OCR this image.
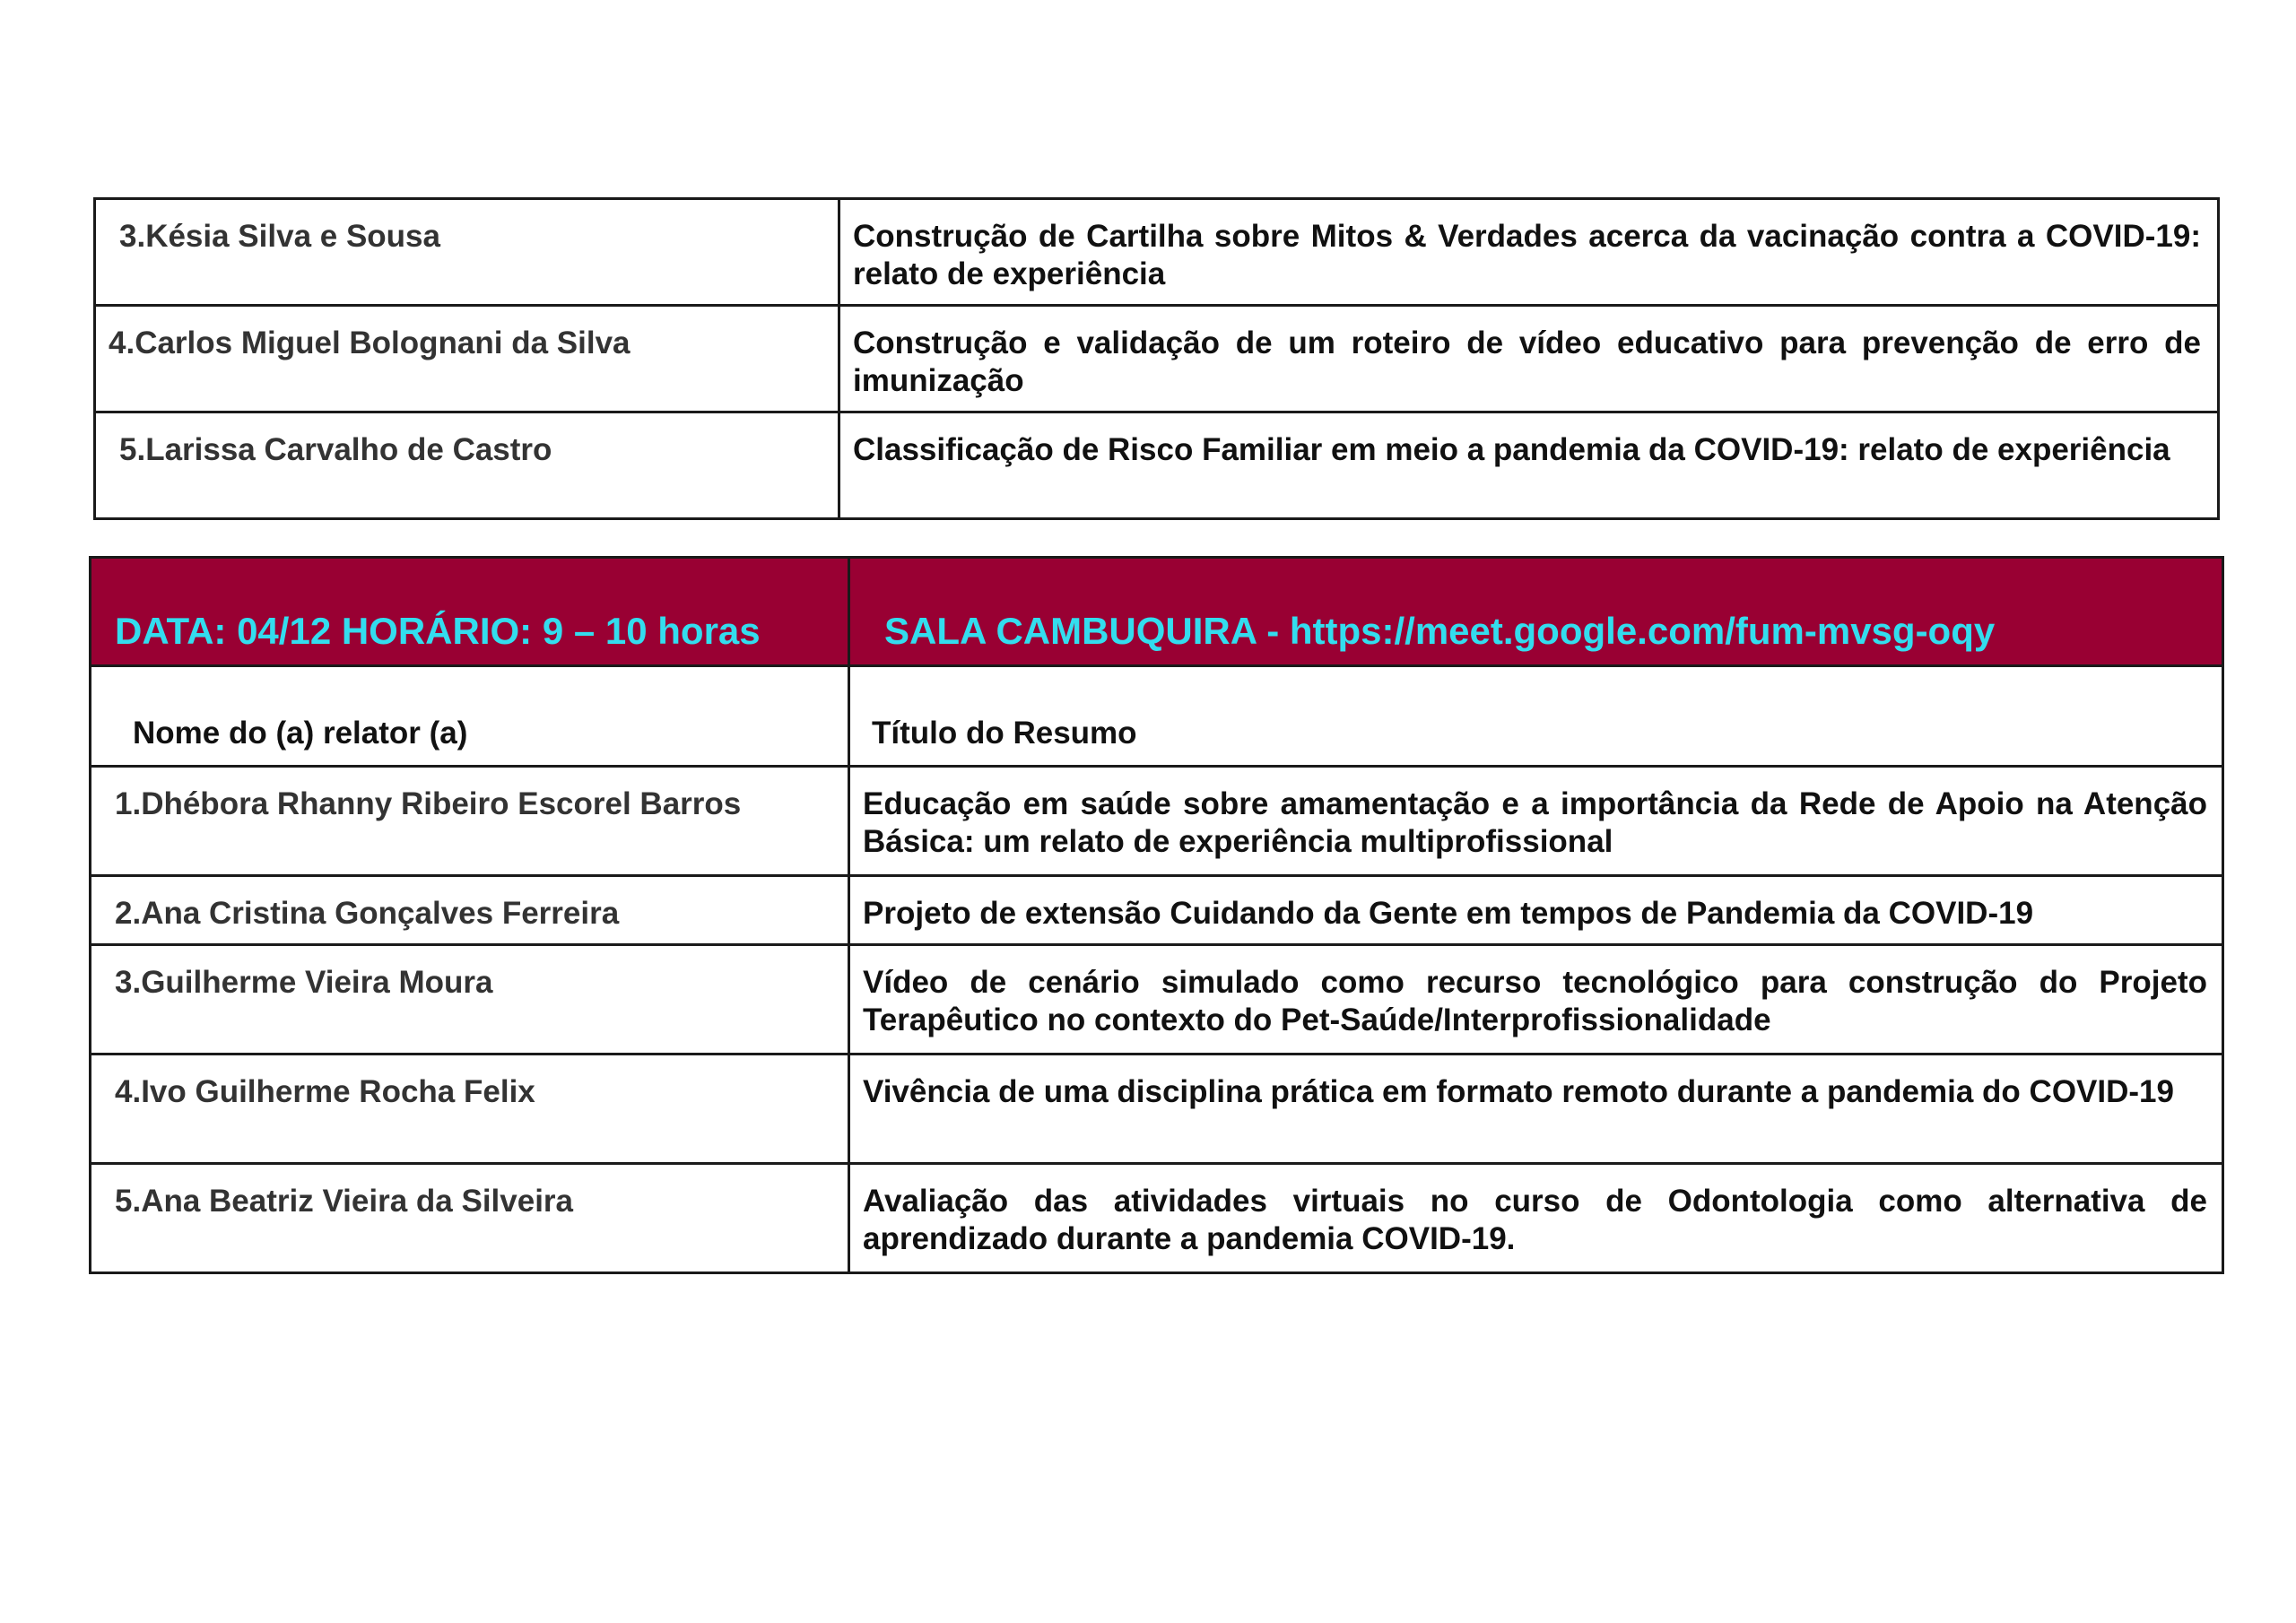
3.Késia Silva e Sousa	Construção de Cartilha sobre Mitos & Verdades acerca da vacinação contra a COVID-19: relato de experiência
4.Carlos Miguel Bolognani da Silva	Construção e validação de um roteiro de vídeo educativo para prevenção de erro de imunização
5.Larissa Carvalho de Castro	Classificação de Risco Familiar em meio a pandemia da COVID-19: relato de experiência
DATA: 04/12 HORÁRIO: 9 – 10 horas	SALA CAMBUQUIRA - https://meet.google.com/fum-mvsg-oqy
Nome do (a) relator (a)	Título do Resumo
1.Dhébora Rhanny Ribeiro Escorel Barros	Educação em saúde sobre amamentação e a importância da Rede de Apoio na Atenção Básica: um relato de experiência multiprofissional
2.Ana Cristina Gonçalves Ferreira	Projeto de extensão Cuidando da Gente em tempos de Pandemia da COVID-19
3.Guilherme Vieira Moura	Vídeo de cenário simulado como recurso tecnológico para construção do Projeto Terapêutico no contexto do Pet-Saúde/Interprofissionalidade
4.Ivo Guilherme Rocha Felix	Vivência de uma disciplina prática em formato remoto durante a pandemia do COVID-19
5.Ana Beatriz Vieira da Silveira	Avaliação das atividades virtuais no curso de Odontologia como alternativa de aprendizado durante a pandemia COVID-19.
